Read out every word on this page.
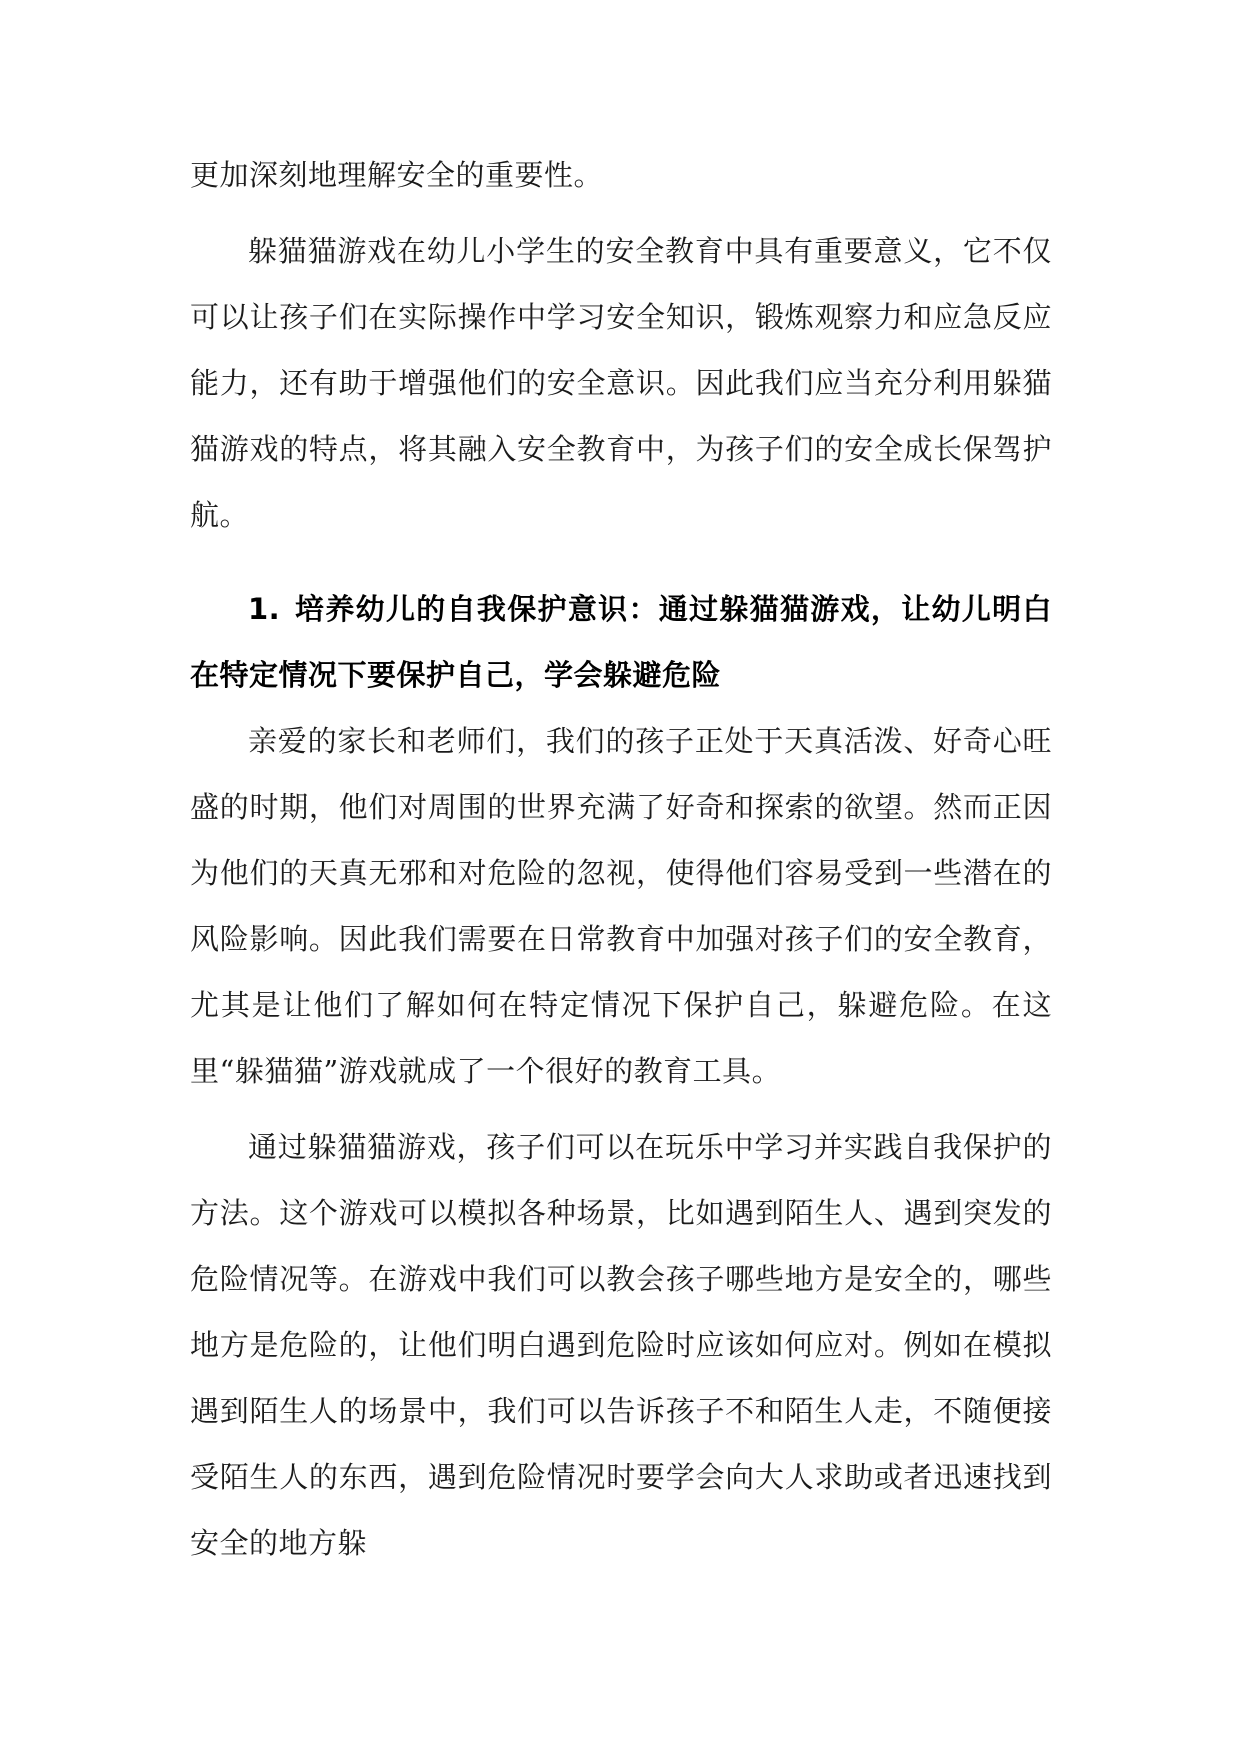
更加深刻地理解安全的重要性。

躲猫猫游戏在幼儿小学生的安全教育中具有重要意义，它不仅可以让孩子们在实际操作中学习安全知识，锻炼观察力和应急反应能力，还有助于增强他们的安全意识。因此我们应当充分利用躲猫猫游戏的特点，将其融入安全教育中，为孩子们的安全成长保驾护航。

1. 培养幼儿的自我保护意识：通过躲猫猫游戏，让幼儿明白在特定情况下要保护自己，学会躲避危险

亲爱的家长和老师们，我们的孩子正处于天真活泼、好奇心旺盛的时期，他们对周围的世界充满了好奇和探索的欲望。然而正因为他们的天真无邪和对危险的忽视，使得他们容易受到一些潜在的风险影响。因此我们需要在日常教育中加强对孩子们的安全教育，尤其是让他们了解如何在特定情况下保护自己，躲避危险。在这里“躲猫猫”游戏就成了一个很好的教育工具。

通过躲猫猫游戏，孩子们可以在玩乐中学习并实践自我保护的方法。这个游戏可以模拟各种场景，比如遇到陌生人、遇到突发的危险情况等。在游戏中我们可以教会孩子哪些地方是安全的，哪些地方是危险的，让他们明白遇到危险时应该如何应对。例如在模拟遇到陌生人的场景中，我们可以告诉孩子不和陌生人走，不随便接受陌生人的东西，遇到危险情况时要学会向大人求助或者迅速找到安全的地方躲
